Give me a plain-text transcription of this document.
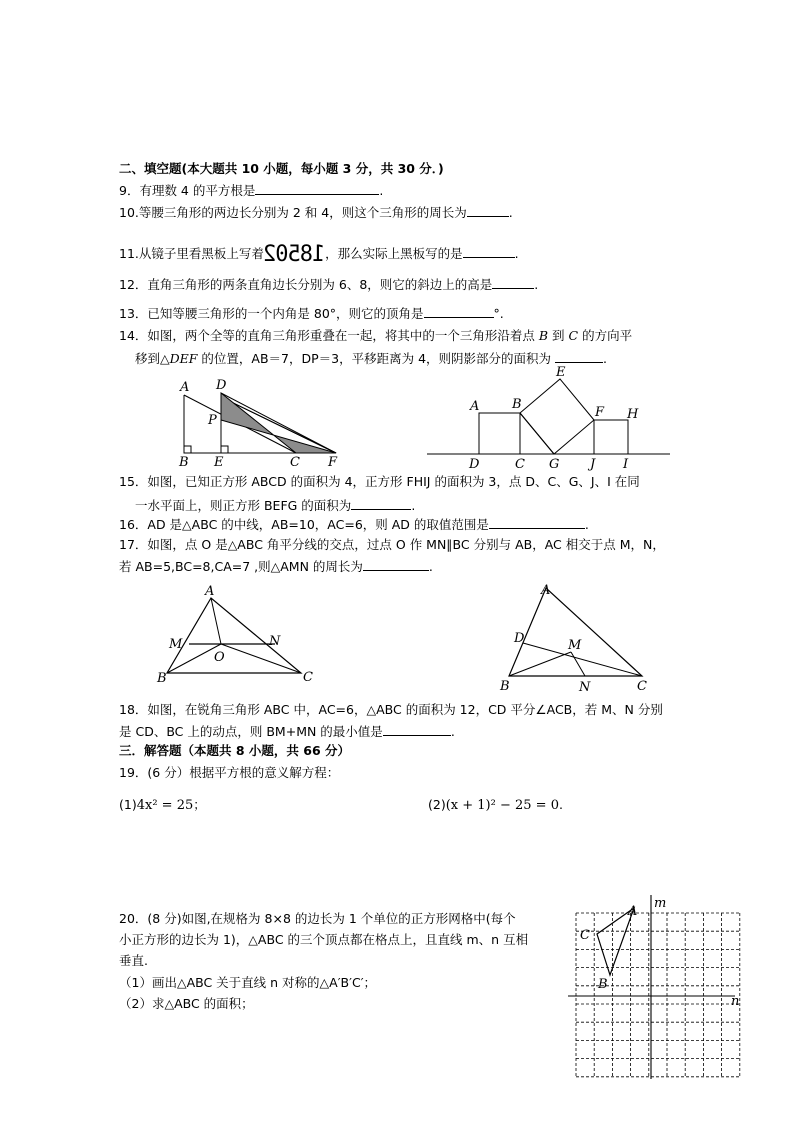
二、填空题(本大题共 10 小题，每小题 3 分，共 30 分．)
9．有理数 4 的平方根是	.
10.等腰三角形的两边长分别为 2 和 4，则这个三角形的周长为	.
11.从镜子里看黑板上写着18502，那么实际上黑板写的是	.
12．直角三角形的两条直角边长分别为 6、8，则它的斜边上的高是	.
13．已知等腰三角形的一个内角是 80°，则它的顶角是	°.
14．如图，两个全等的直角三角形重叠在一起，将其中的一个三角形沿着点 B 到 C 的方向平
移到△DEF 的位置，AB＝7，DP＝3，平移距离为 4，则阴影部分的面积为	.
A D
P
B E	C F
E
A	B
F H
D	C G J I
15．如图，已知正方形 ABCD 的面积为 4，正方形 FHIJ 的面积为 3，点 D、C、G、J、I 在同
一水平面上，则正方形 BEFG 的面积为	.
16．AD 是△ABC 的中线，AB=10，AC=6，则 AD 的取值范围是	.
17．如图，点 O 是△ABC 角平分线的交点，过点 O 作 MN∥BC 分别与 AB，AC 相交于点 M，N，
若 AB=5,BC=8,CA=7 ,则△AMN 的周长为	.
A
M	N
O
B	C
A
D	M
B	N	C
18．如图，在锐角三角形 ABC 中，AC=6，△ABC 的面积为 12，CD 平分∠ACB，若 M、N 分别
是 CD、BC 上的动点，则 BM+MN 的最小值是	.
三．解答题（本题共 8 小题，共 66 分）
19．(6 分）根据平方根的意义解方程：
(1)4x² = 25；	(2)(x + 1)² − 25 = 0.
20．(8 分)如图,在规格为 8×8 的边长为 1 个单位的正方形网格中(每个
小正方形的边长为 1)，△ABC 的三个顶点都在格点上，且直线 m、n 互相
垂直.
（1）画出△ABC 关于直线 n 对称的△A′B′C′；
（2）求△ABC 的面积；
m
n
A
C
B
